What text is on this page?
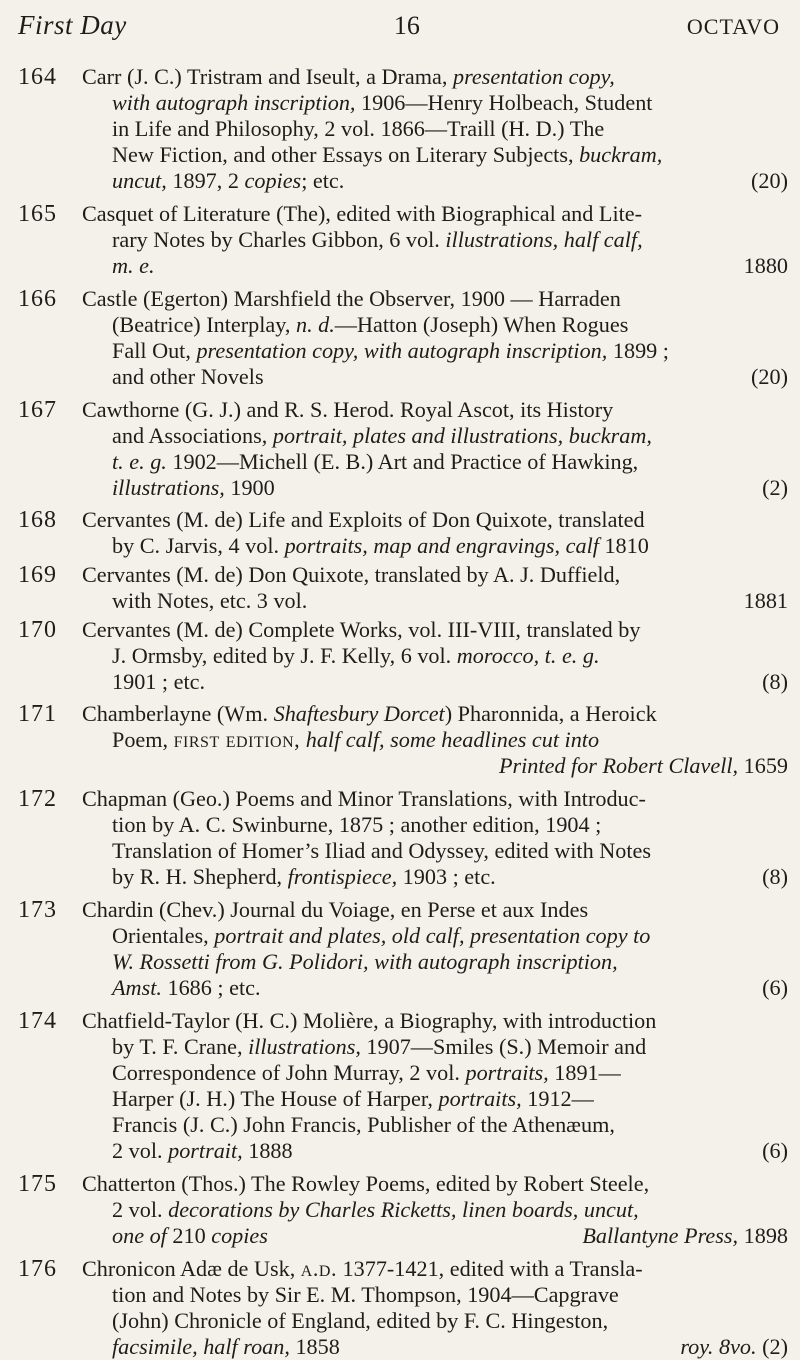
First Day	16	OCTAVO
164	Carr (J. C.) Tristram and Iseult, a Drama, presentation copy,
with autograph inscription, 1906—Henry Holbeach, Student
in Life and Philosophy, 2 vol. 1866—Traill (H. D.) The
New Fiction, and other Essays on Literary Subjects, buckram,
uncut, 1897, 2 copies; etc.	(20)
165	Casquet of Literature (The), edited with Biographical and Lite-
rary Notes by Charles Gibbon, 6 vol. illustrations, half calf,
m. e.	1880
166	Castle (Egerton) Marshfield the Observer, 1900 — Harraden
(Beatrice) Interplay, n. d.—Hatton (Joseph) When Rogues
Fall Out, presentation copy, with autograph inscription, 1899 ;
and other Novels	(20)
167	Cawthorne (G. J.) and R. S. Herod. Royal Ascot, its History
and Associations, portrait, plates and illustrations, buckram,
t. e. g. 1902—Michell (E. B.) Art and Practice of Hawking,
illustrations, 1900	(2)
168	Cervantes (M. de) Life and Exploits of Don Quixote, translated
by C. Jarvis, 4 vol. portraits, map and engravings, calf 1810
169	Cervantes (M. de) Don Quixote, translated by A. J. Duffield,
with Notes, etc. 3 vol.	1881
170	Cervantes (M. de) Complete Works, vol. III-VIII, translated by
J. Ormsby, edited by J. F. Kelly, 6 vol. morocco, t. e. g.
1901 ; etc.	(8)
171	Chamberlayne (Wm. Shaftesbury Dorcet) Pharonnida, a Heroick
Poem, first edition, half calf, some headlines cut into
Printed for Robert Clavell, 1659
172	Chapman (Geo.) Poems and Minor Translations, with Introduc-
tion by A. C. Swinburne, 1875 ; another edition, 1904 ;
Translation of Homer’s Iliad and Odyssey, edited with Notes
by R. H. Shepherd, frontispiece, 1903 ; etc.	(8)
173	Chardin (Chev.) Journal du Voiage, en Perse et aux Indes
Orientales, portrait and plates, old calf, presentation copy to
W. Rossetti from G. Polidori, with autograph inscription,
Amst. 1686 ; etc.	(6)
174	Chatfield-Taylor (H. C.) Molière, a Biography, with introduction
by T. F. Crane, illustrations, 1907—Smiles (S.) Memoir and
Correspondence of John Murray, 2 vol. portraits, 1891—
Harper (J. H.) The House of Harper, portraits, 1912—
Francis (J. C.) John Francis, Publisher of the Athenæum,
2 vol. portrait, 1888	(6)
175	Chatterton (Thos.) The Rowley Poems, edited by Robert Steele,
2 vol. decorations by Charles Ricketts, linen boards, uncut,
one of 210 copies	Ballantyne Press, 1898
176	Chronicon Adæ de Usk, a.d. 1377-1421, edited with a Transla-
tion and Notes by Sir E. M. Thompson, 1904—Capgrave
(John) Chronicle of England, edited by F. C. Hingeston,
facsimile, half roan, 1858	roy. 8vo. (2)
